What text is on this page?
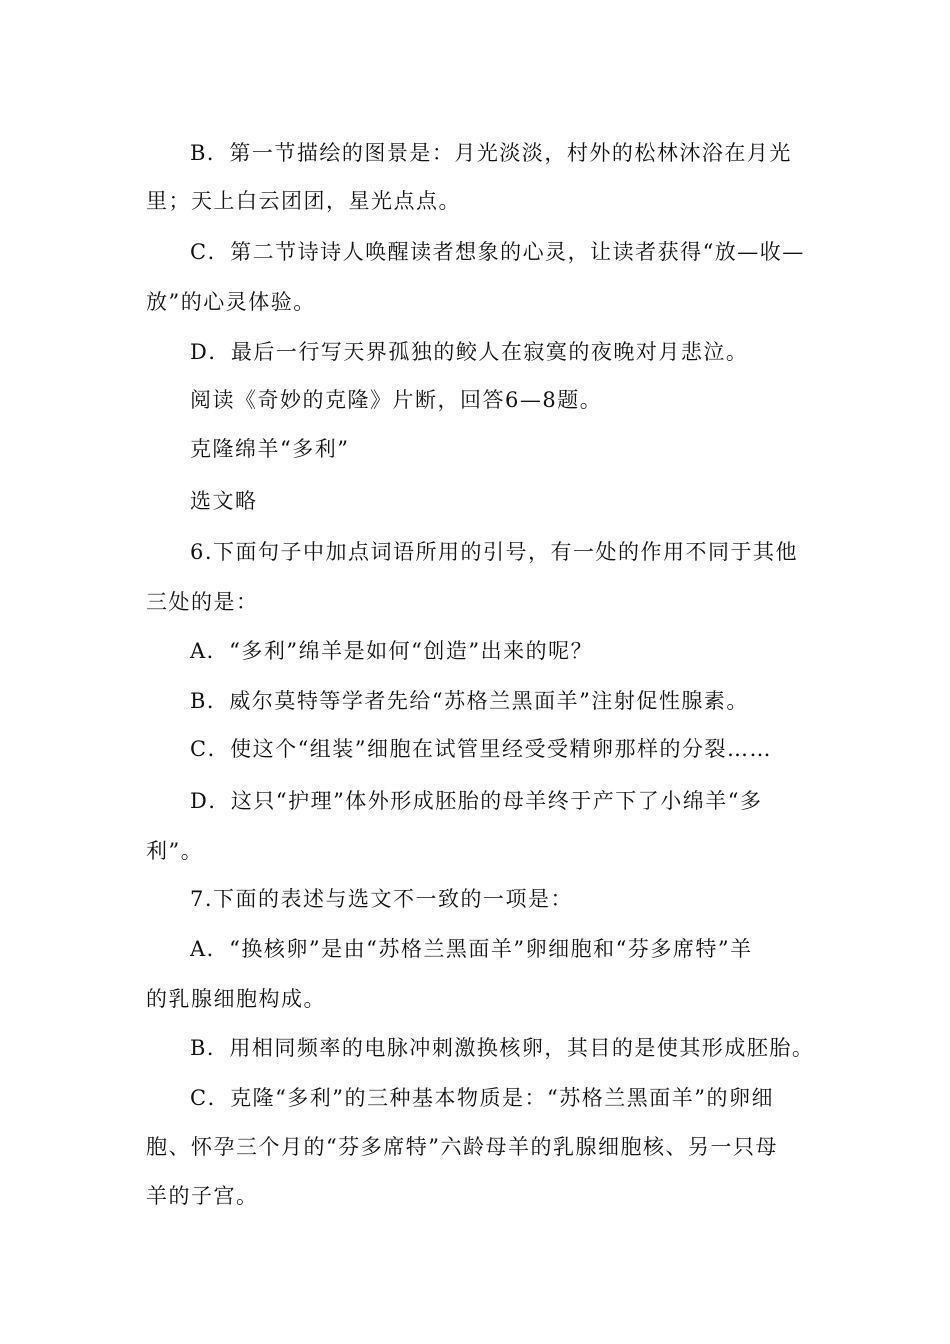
B．第一节描绘的图景是：月光淡淡，村外的松林沐浴在月光
里；天上白云团团，星光点点。
C．第二节诗诗人唤醒读者想象的心灵，让读者获得“放—收—
放”的心灵体验。
D．最后一行写天界孤独的鲛人在寂寞的夜晚对月悲泣。
阅读《奇妙的克隆》片断，回答6—8题。
克隆绵羊“多利”
选文略
6.下面句子中加点词语所用的引号，有一处的作用不同于其他
三处的是：
A．“多利”绵羊是如何“创造”出来的呢？
B．威尔莫特等学者先给“苏格兰黑面羊”注射促性腺素。
C．使这个“组装”细胞在试管里经受受精卵那样的分裂……
D．这只“护理”体外形成胚胎的母羊终于产下了小绵羊“多
利”。
7.下面的表述与选文不一致的一项是：
A．“换核卵”是由“苏格兰黑面羊”卵细胞和“芬多席特”羊
的乳腺细胞构成。
B．用相同频率的电脉冲刺激换核卵，其目的是使其形成胚胎。
C．克隆“多利”的三种基本物质是：“苏格兰黑面羊”的卵细
胞、怀孕三个月的“芬多席特”六龄母羊的乳腺细胞核、另一只母
羊的子宫。
